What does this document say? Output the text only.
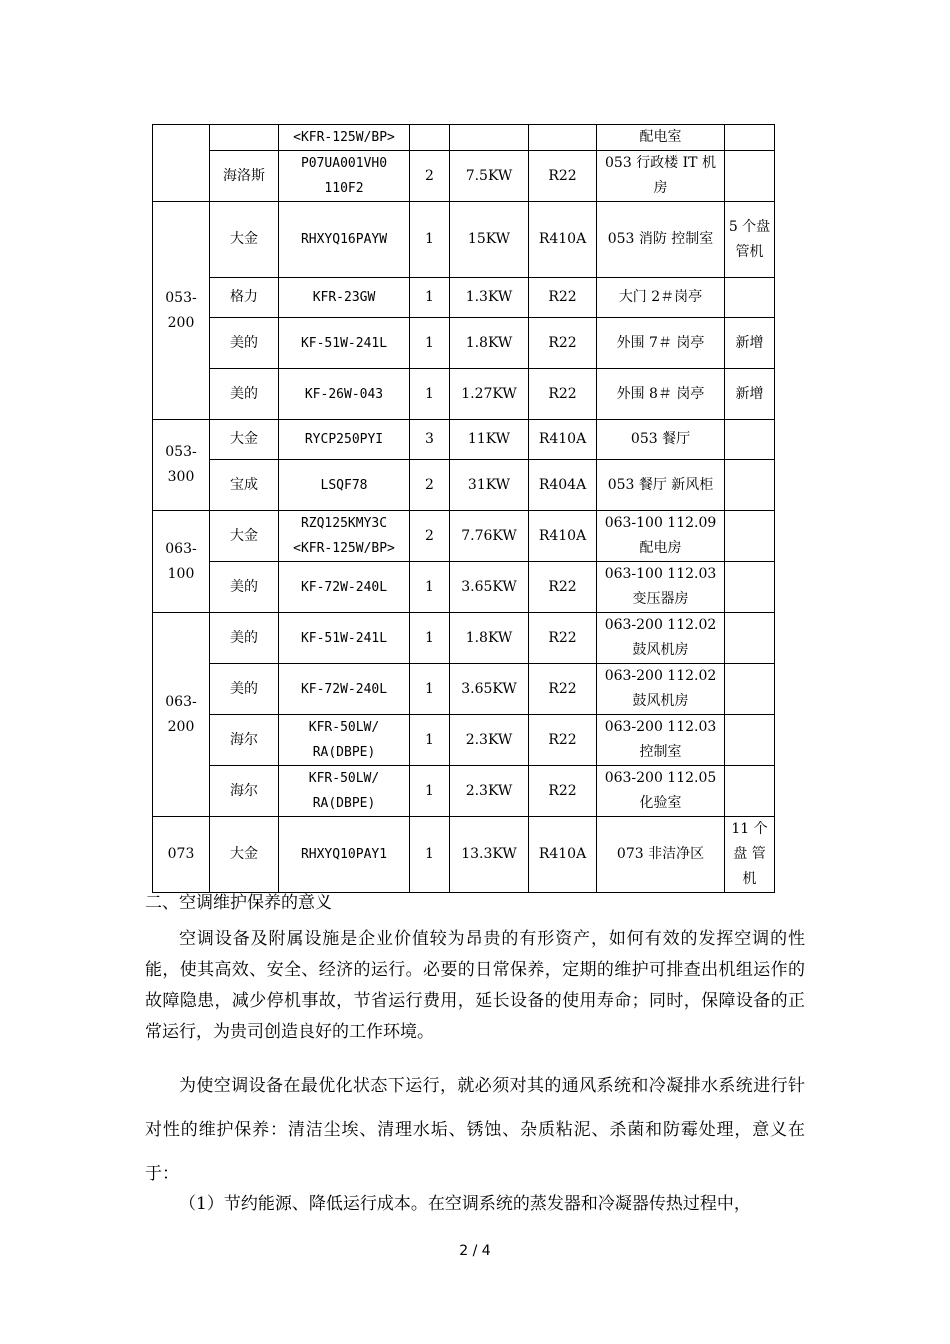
		<KFR-125W/BP>				配电室	
	海洛斯	P07UA001VH0 110F2	2	7.5KW	R22	053 行政楼 IT 机房	
053- 200	大金	RHXYQ16PAYW	1	15KW	R410A	053 消防 控制室	5 个盘 管机
	格力	KFR-23GW	1	1.3KW	R22	大门 2＃岗亭	
	美的	KF-51W-241L	1	1.8KW	R22	外围 7＃ 岗亭	新增
	美的	KF-26W-043	1	1.27KW	R22	外围 8＃ 岗亭	新增
053- 300	大金	RYCP250PYI	3	11KW	R410A	053 餐厅	
	宝成	LSQF78	2	31KW	R404A	053 餐厅 新风柜	
063- 100	大金	RZQ125KMY3C <KFR-125W/BP>	2	7.76KW	R410A	063-100 112.09 配电房	
	美的	KF-72W-240L	1	3.65KW	R22	063-100 112.03 变压器房	
063- 200	美的	KF-51W-241L	1	1.8KW	R22	063-200 112.02 鼓风机房	
	美的	KF-72W-240L	1	3.65KW	R22	063-200 112.02 鼓风机房	
	海尔	KFR-50LW/ RA(DBPE)	1	2.3KW	R22	063-200 112.03 控制室	
	海尔	KFR-50LW/ RA(DBPE)	1	2.3KW	R22	063-200 112.05 化验室	
073	大金	RHXYQ10PAY1	1	13.3KW	R410A	073 非洁净区	11 个盘 管机
二、空调维护保养的意义
空调设备及附属设施是企业价值较为昂贵的有形资产，如何有效的发挥空调的性能，使其高效、安全、经济的运行。必要的日常保养，定期的维护可排查出机组运作的故障隐患，减少停机事故，节省运行费用，延长设备的使用寿命；同时，保障设备的正常运行，为贵司创造良好的工作环境。
为使空调设备在最优化状态下运行，就必须对其的通风系统和冷凝排水系统进行针对性的维护保养：清洁尘埃、清理水垢、锈蚀、杂质粘泥、杀菌和防霉处理，意义在于：
（1）节约能源、降低运行成本。在空调系统的蒸发器和冷凝器传热过程中，
2 / 4
